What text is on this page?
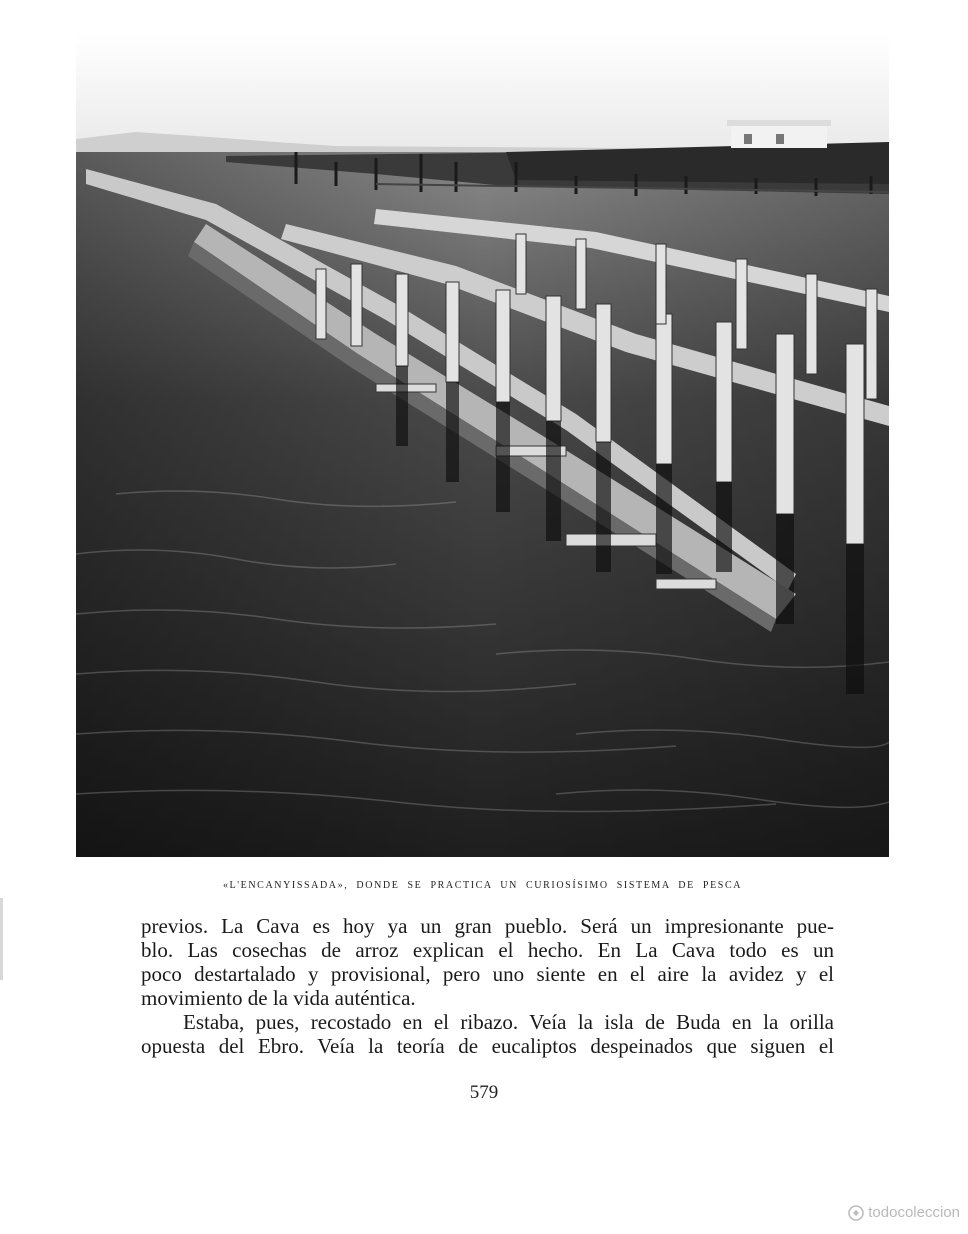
«L'ENCANYISSADA», DONDE SE PRACTICA UN CURIOSÍSIMO SISTEMA DE PESCA
previos. La Cava es hoy ya un gran pueblo. Será un impresionante pue-
blo. Las cosechas de arroz explican el hecho. En La Cava todo es un
poco destartalado y provisional, pero uno siente en el aire la avidez y el
movimiento de la vida auténtica.
Estaba, pues, recostado en el ribazo. Veía la isla de Buda en la orilla
opuesta del Ebro. Veía la teoría de eucaliptos despeinados que siguen el
579
todocoleccion
